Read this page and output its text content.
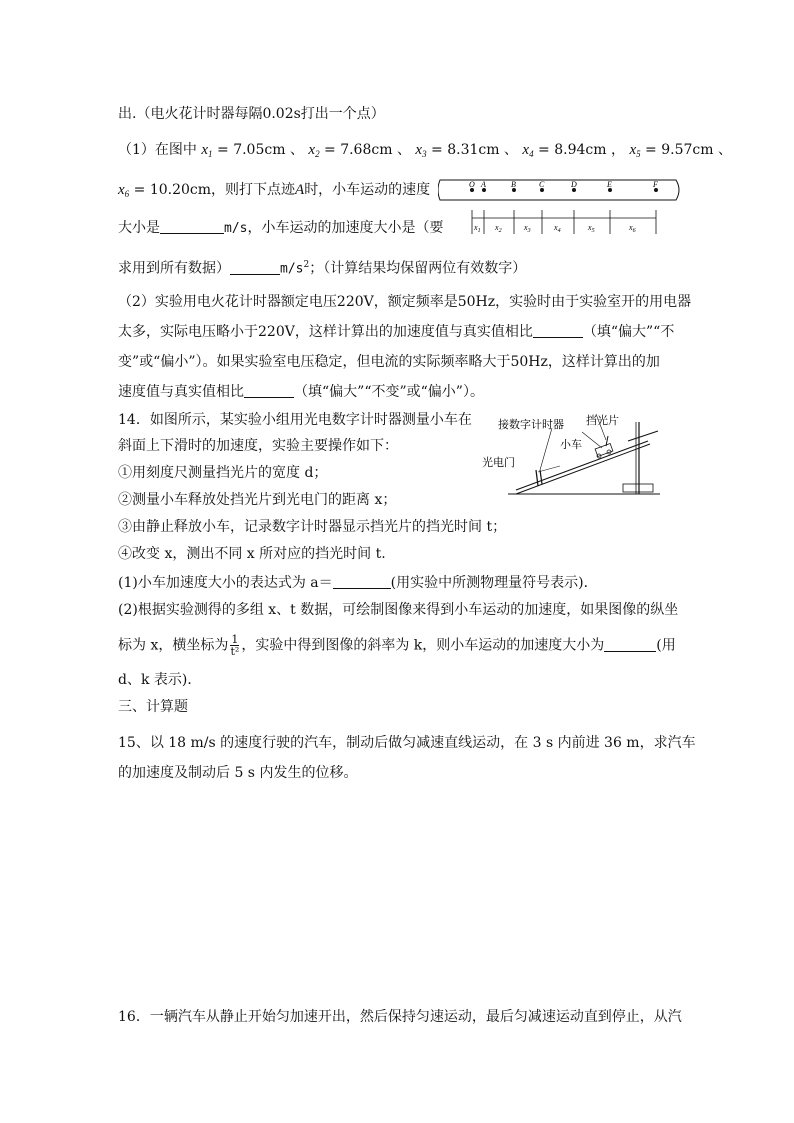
出.（电火花计时器每隔0.02s打出一个点）
（1）在图中 $x_1 = 7.05cm$ 、 $x_2 = 7.68cm$ 、 $x_3 = 8.31cm$ 、 $x_4 = 8.94cm$ ， $x_5 = 9.57cm$ 、
$x_6 = 10.20cm$，则打下点迹A时，小车运动的速度	O A	B	C	D	E	F
$x_1$ $x_2$	$x_3$	$x_4$	$x_5$	$x_6$
大小是	m/s，小车运动的加速度大小是（要
求用到所有数据）	$m/s^2$；（计算结果均保留两位有效数字）
（2）实验用电火花计时器额定电压220V，额定频率是50Hz，实验时由于实验室开的用电器
太多，实际电压略小于220V，这样计算出的加速度值与真实值相比	（填“偏大”“不
变”或“偏小”）。如果实验室电压稳定，但电流的实际频率略大于50Hz，这样计算出的加
速度值与真实值相比	（填“偏大”“不变”或“偏小”）。
14．如图所示，某实验小组用光电数字计时器测量小车在
斜面上下滑时的加速度，实验主要操作如下：
①用刻度尺测量挡光片的宽度 d；
②测量小车释放处挡光片到光电门的距离 x；
③由静止释放小车，记录数字计时器显示挡光片的挡光时间 t；
④改变 x，测出不同 x 所对应的挡光时间 t.
接数字计时器 挡光片
小车
光电门
(1)小车加速度大小的表达式为 a＝	(用实验中所测物理量符号表示)．
(2)根据实验测得的多组 x、t 数据，可绘制图像来得到小车运动的加速度，如果图像的纵坐
标为 x，横坐标为 $\frac{1}{\text{t²}}$ ，实验中得到图像的斜率为 k，则小车运动的加速度大小为	(用
d、k 表示)．
三、计算题
15、以 18 m/s 的速度行驶的汽车，制动后做匀减速直线运动，在 3 s 内前进 36 m，求汽车
的加速度及制动后 5 s 内发生的位移。
16．一辆汽车从静止开始匀加速开出，然后保持匀速运动，最后匀减速运动直到停止，从汽
